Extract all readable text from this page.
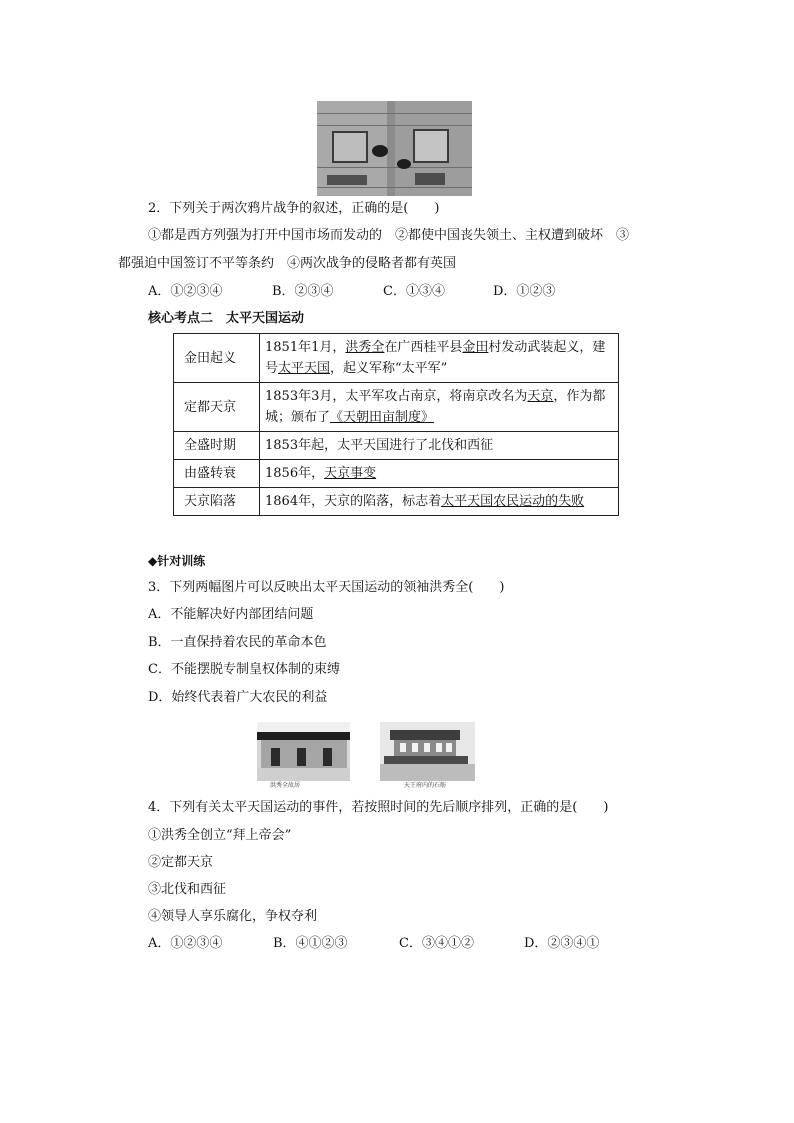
2．下列关于两次鸦片战争的叙述，正确的是(　　)
①都是西方列强为打开中国市场而发动的　②都使中国丧失领土、主权遭到破坏　③
都强迫中国签订不平等条约　④两次战争的侵略者都有英国
A．①②③④	B．②③④	C．①③④	D．①②③
核心考点二　太平天国运动
金田起义	1851年1月，洪秀全在广西桂平县金田村发动武装起义，建号太平天国，起义军称“太平军”
定都天京	1853年3月，太平军攻占南京，将南京改名为天京，作为都城；颁布了《天朝田亩制度》
全盛时期	1853年起，太平天国进行了北伐和西征
由盛转衰	1856年，天京事变
天京陷落	1864年，天京的陷落，标志着太平天国农民运动的失败
◆针对训练
3．下列两幅图片可以反映出太平天国运动的领袖洪秀全(　　)
A．不能解决好内部团结问题
B．一直保持着农民的革命本色
C．不能摆脱专制皇权体制的束缚
D．始终代表着广大农民的利益
洪秀全故居	天王府内的石舫
4．下列有关太平天国运动的事件，若按照时间的先后顺序排列，正确的是(　　)
①洪秀全创立“拜上帝会”
②定都天京
③北伐和西征
④领导人享乐腐化，争权夺利
A．①②③④	B．④①②③	C．③④①②	D．②③④①
